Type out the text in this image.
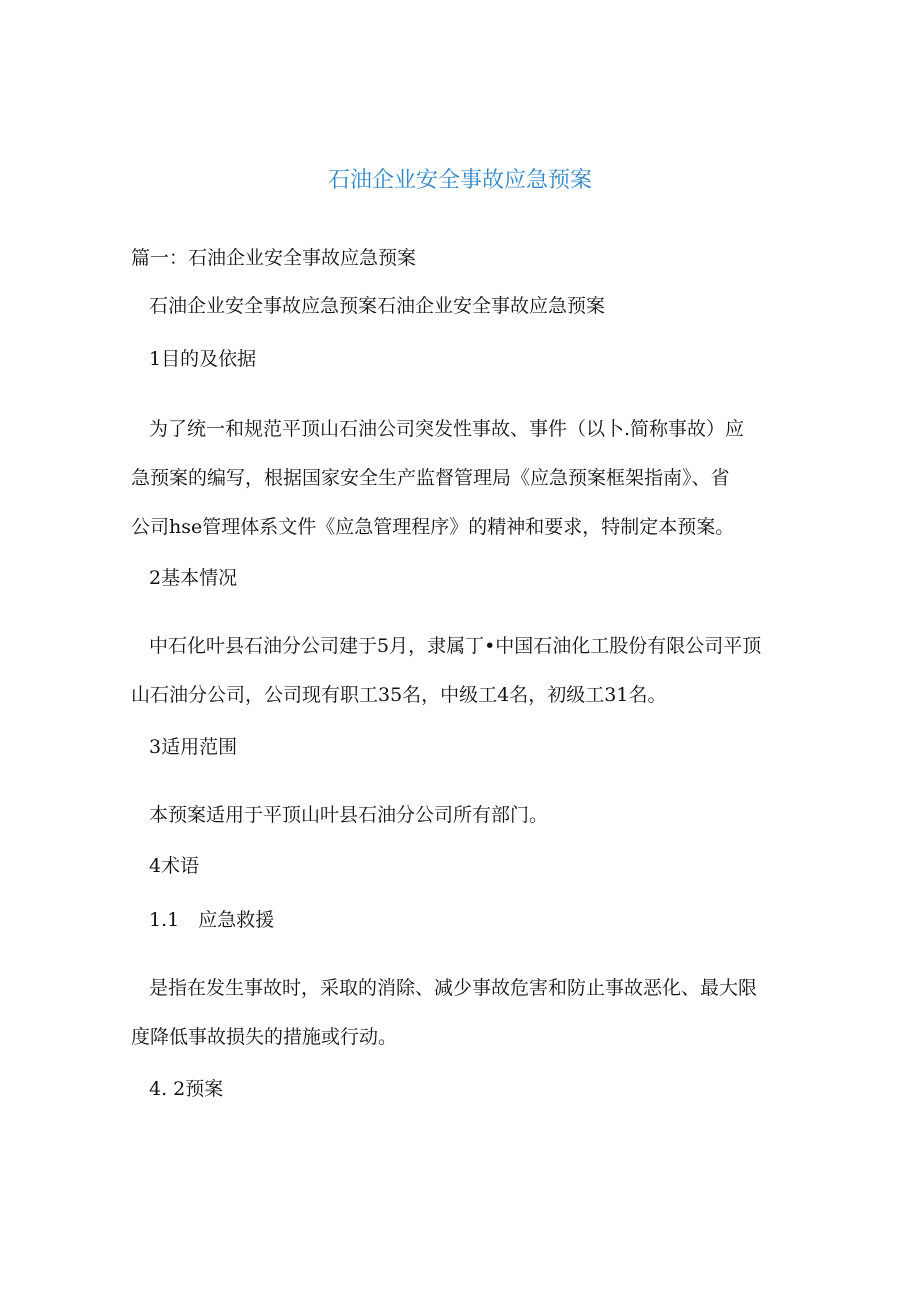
石油企业安全事故应急预案
篇一：石油企业安全事故应急预案
石油企业安全事故应急预案石油企业安全事故应急预案
1目的及依据
为了统一和规范平顶山石油公司突发性事故、事件（以卜.简称事故）应
急预案的编写，根据国家安全生产监督管理局《应急预案框架指南》、省
公司hse管理体系文件《应急管理程序》的精神和要求，特制定本预案。
2基本情况
中石化叶县石油分公司建于5月，隶属丁•中国石油化工股份有限公司平顶
山石油分公司，公司现有职工35名，中级工4名，初级工31名。
3适用范围
本预案适用于平顶山叶县石油分公司所有部门。
4术语
1.1　应急救援
是指在发生事故时，采取的消除、减少事故危害和防止事故恶化、最大限
度降低事故损失的措施或行动。
4. 2预案
